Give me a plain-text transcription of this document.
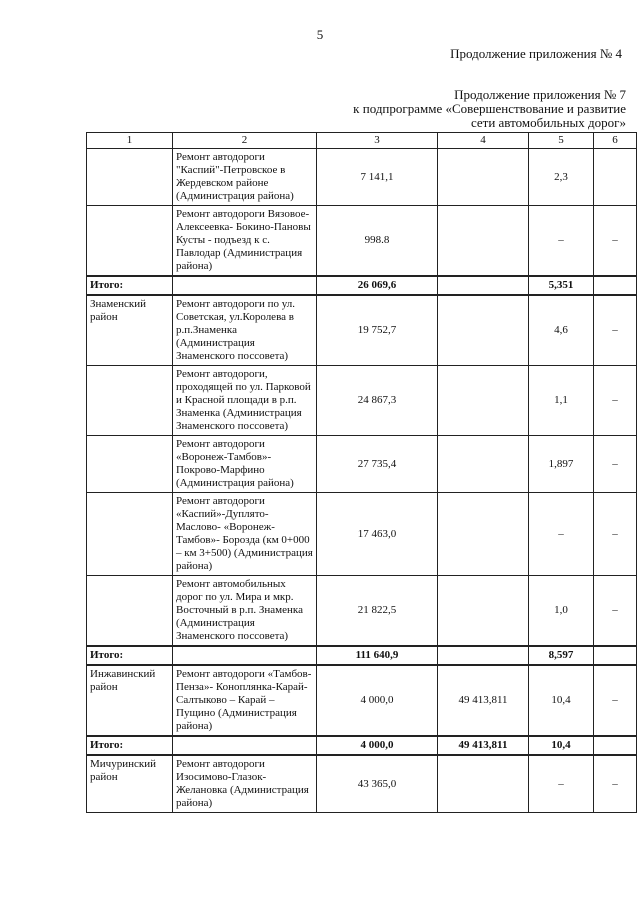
5
Продолжение приложения № 4
Продолжение приложения № 7
к подпрограмме «Совершенствование и развитие
сети автомобильных дорог»
1	2	3	4	5	6
	Ремонт автодороги "Каспий"-Петровское в Жердевском районе (Администрация района)	7 141,1		2,3	
	Ремонт автодороги Вязовое- Алексеевка- Бокино-Пановы Кусты - подъезд к с. Павлодар (Администрация района)	998.8		–	–
Итого:		26 069,6		5,351	
Знаменский район	Ремонт автодороги по ул. Советская, ул.Королева в р.п.Знаменка (Администрация Знаменского поссовета)	19 752,7		4,6	–
	Ремонт автодороги, проходящей по ул. Парковой и Красной площади в р.п. Знаменка (Администрация Знаменского поссовета)	24 867,3		1,1	–
	Ремонт автодороги «Воронеж-Тамбов»- Покрово-Марфино (Администрация района)	27 735,4		1,897	–
	Ремонт автодороги «Каспий»-Дуплято- Маслово- «Воронеж- Тамбов»- Борозда (км 0+000 – км 3+500) (Администрация района)	17 463,0		–	–
	Ремонт автомобильных дорог по ул. Мира и мкр. Восточный в р.п. Знаменка (Администрация Знаменского поссовета)	21 822,5		1,0	–
Итого:		111 640,9		8,597	
Инжавинский район	Ремонт автодороги «Тамбов-Пенза»- Коноплянка-Карай- Салтыково – Карай – Пущино (Администрация района)	4 000,0	49 413,811	10,4	–
Итого:		4 000,0	49 413,811	10,4	
Мичуринский район	Ремонт автодороги Изосимово-Глазок- Желановка (Администрация района)	43 365,0		–	–
